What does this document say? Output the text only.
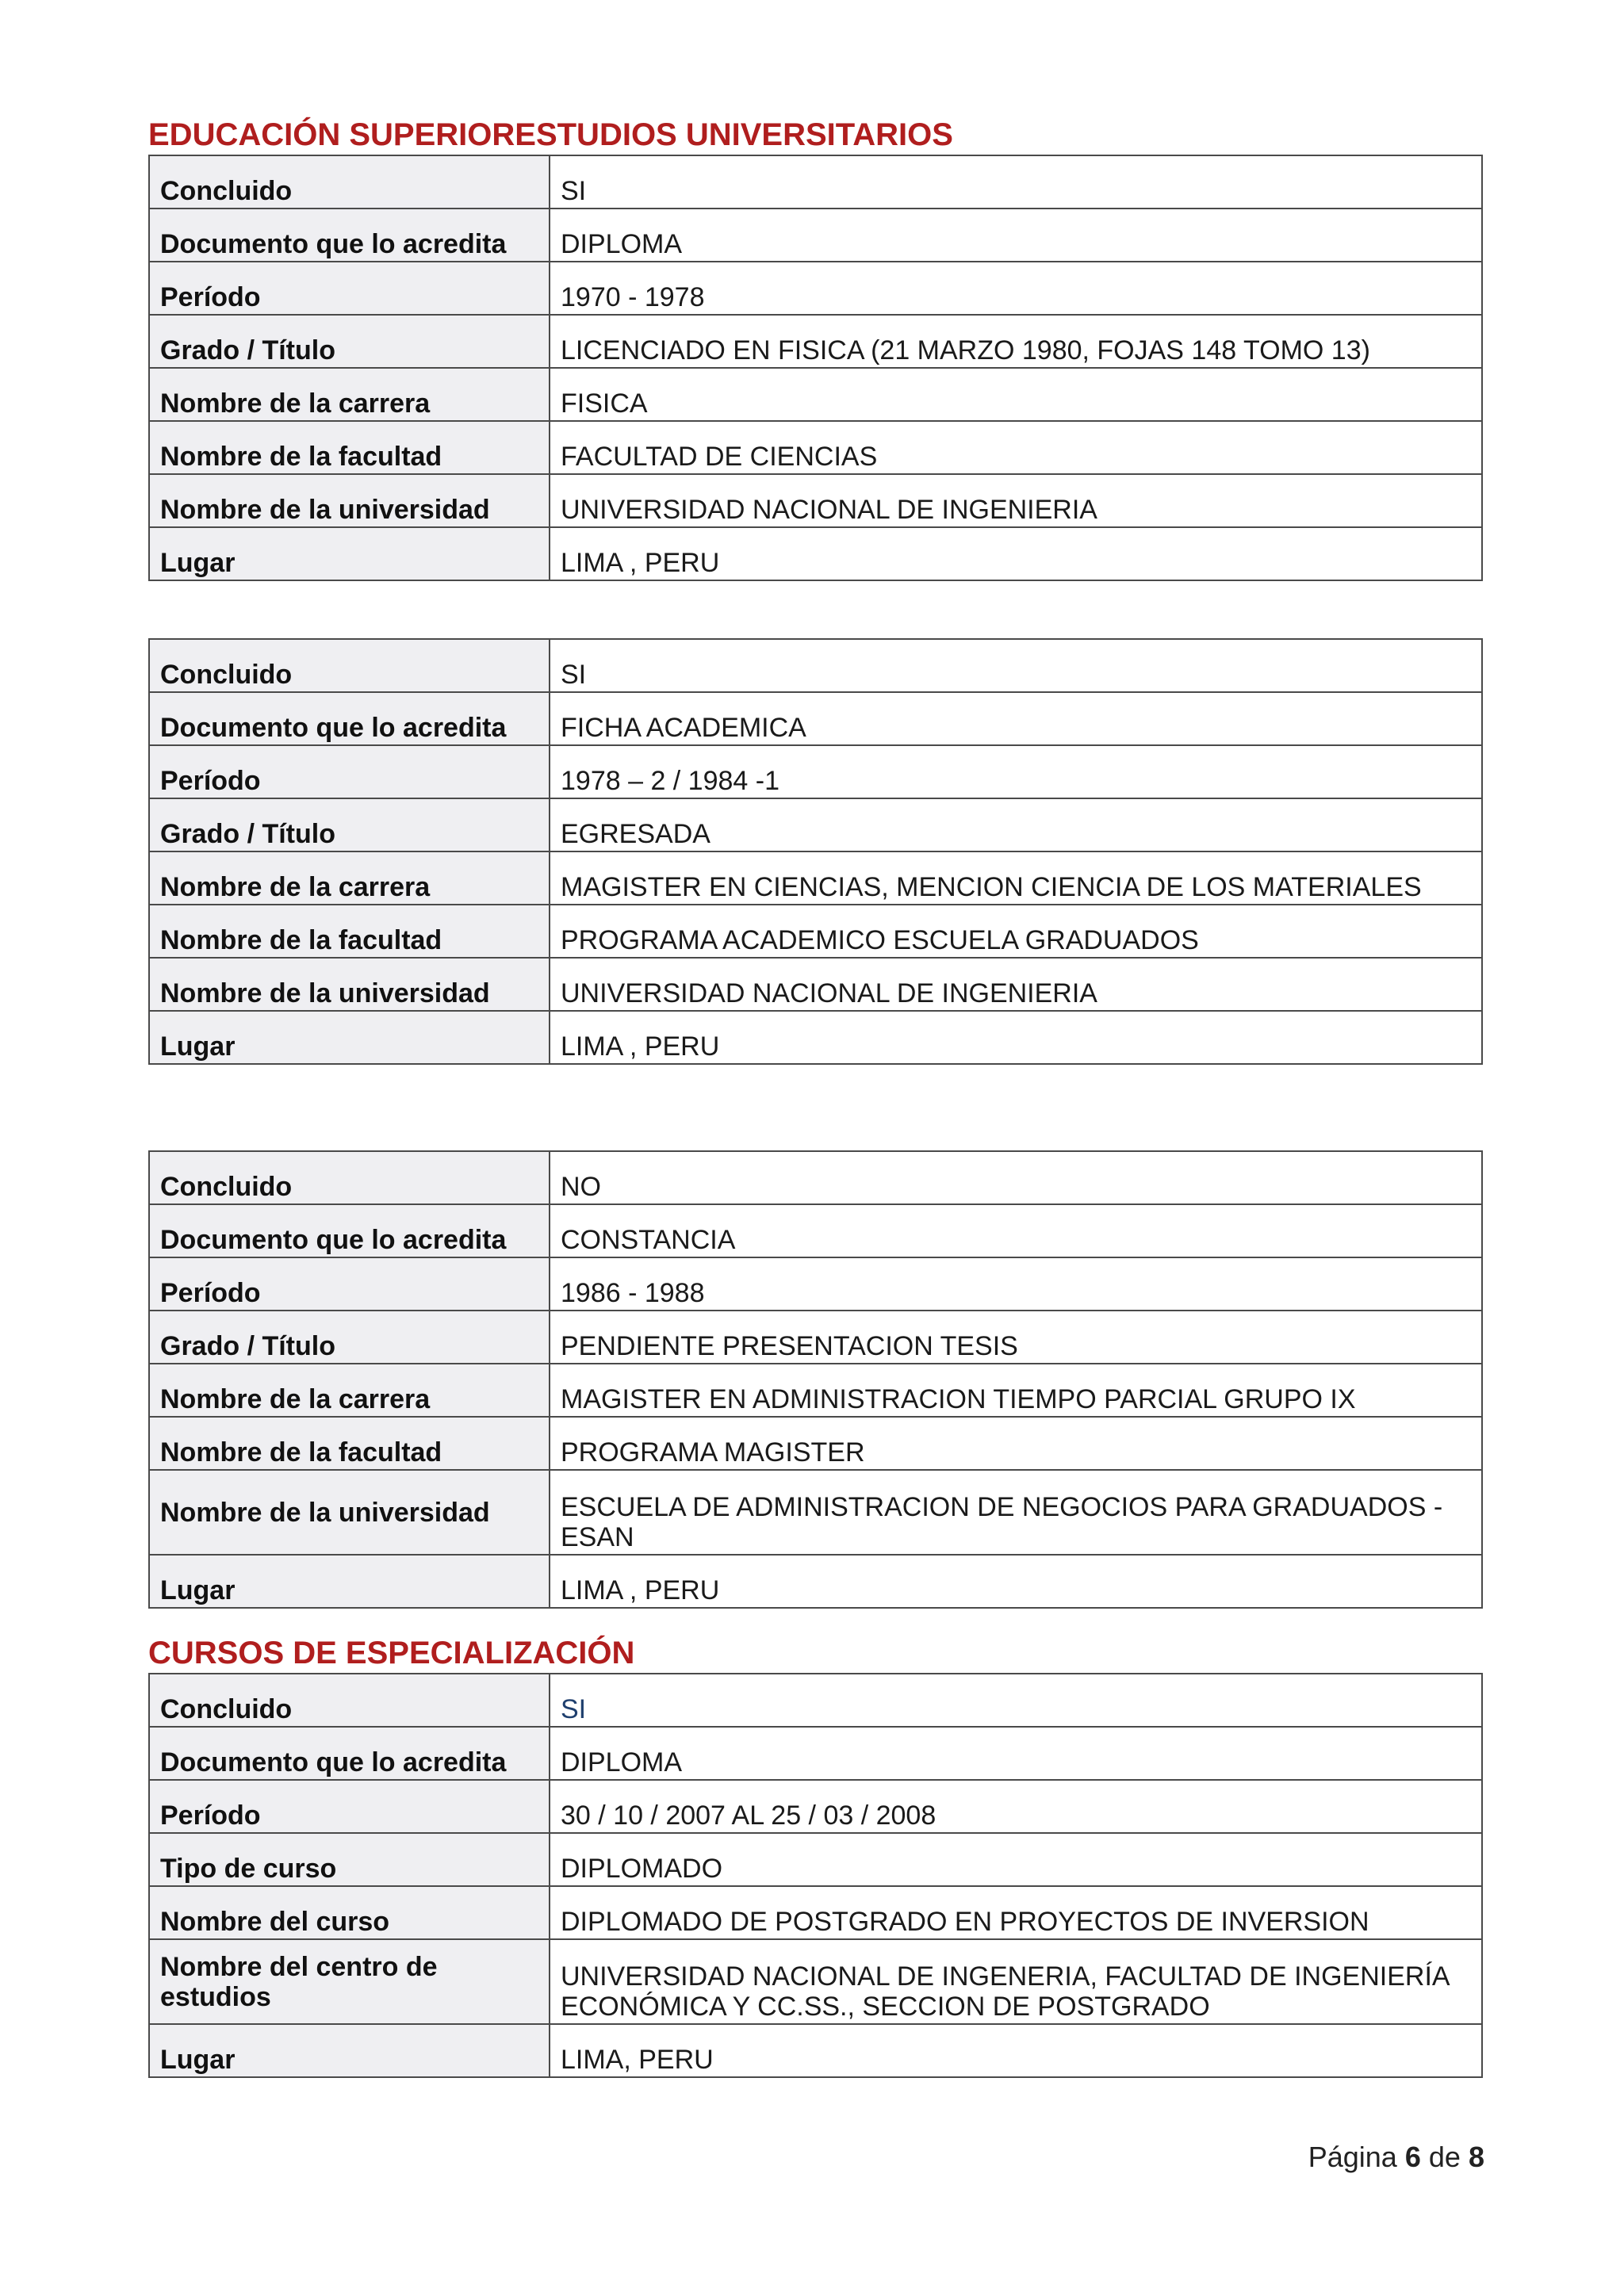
EDUCACIÓN SUPERIORESTUDIOS UNIVERSITARIOS
Concluido	SI
Documento que lo acredita	DIPLOMA
Período	1970 - 1978
Grado / Título	LICENCIADO EN FISICA (21 MARZO 1980, FOJAS 148 TOMO 13)
Nombre de la carrera	FISICA
Nombre de la facultad	FACULTAD DE CIENCIAS
Nombre de la universidad	UNIVERSIDAD NACIONAL DE INGENIERIA
Lugar	LIMA , PERU
Concluido	SI
Documento que lo acredita	FICHA ACADEMICA
Período	1978 – 2 / 1984 -1
Grado / Título	EGRESADA
Nombre de la carrera	MAGISTER EN CIENCIAS, MENCION CIENCIA DE LOS MATERIALES
Nombre de la facultad	PROGRAMA ACADEMICO ESCUELA GRADUADOS
Nombre de la universidad	UNIVERSIDAD NACIONAL DE INGENIERIA
Lugar	LIMA , PERU
Concluido	NO
Documento que lo acredita	CONSTANCIA
Período	1986 - 1988
Grado / Título	PENDIENTE PRESENTACION TESIS
Nombre de la carrera	MAGISTER EN ADMINISTRACION TIEMPO PARCIAL GRUPO IX
Nombre de la facultad	PROGRAMA MAGISTER
Nombre de la universidad	ESCUELA DE ADMINISTRACION DE NEGOCIOS PARA GRADUADOS - ESAN
Lugar	LIMA , PERU
CURSOS DE ESPECIALIZACIÓN
Concluido	SI
Documento que lo acredita	DIPLOMA
Período	30 / 10 / 2007 AL 25 / 03 / 2008
Tipo de curso	DIPLOMADO
Nombre del curso	DIPLOMADO DE POSTGRADO EN PROYECTOS DE INVERSION
Nombre del centro de estudios	UNIVERSIDAD NACIONAL DE INGENERIA, FACULTAD DE INGENIERÍA ECONÓMICA Y CC.SS., SECCION DE POSTGRADO
Lugar	LIMA, PERU
Página 6 de 8
